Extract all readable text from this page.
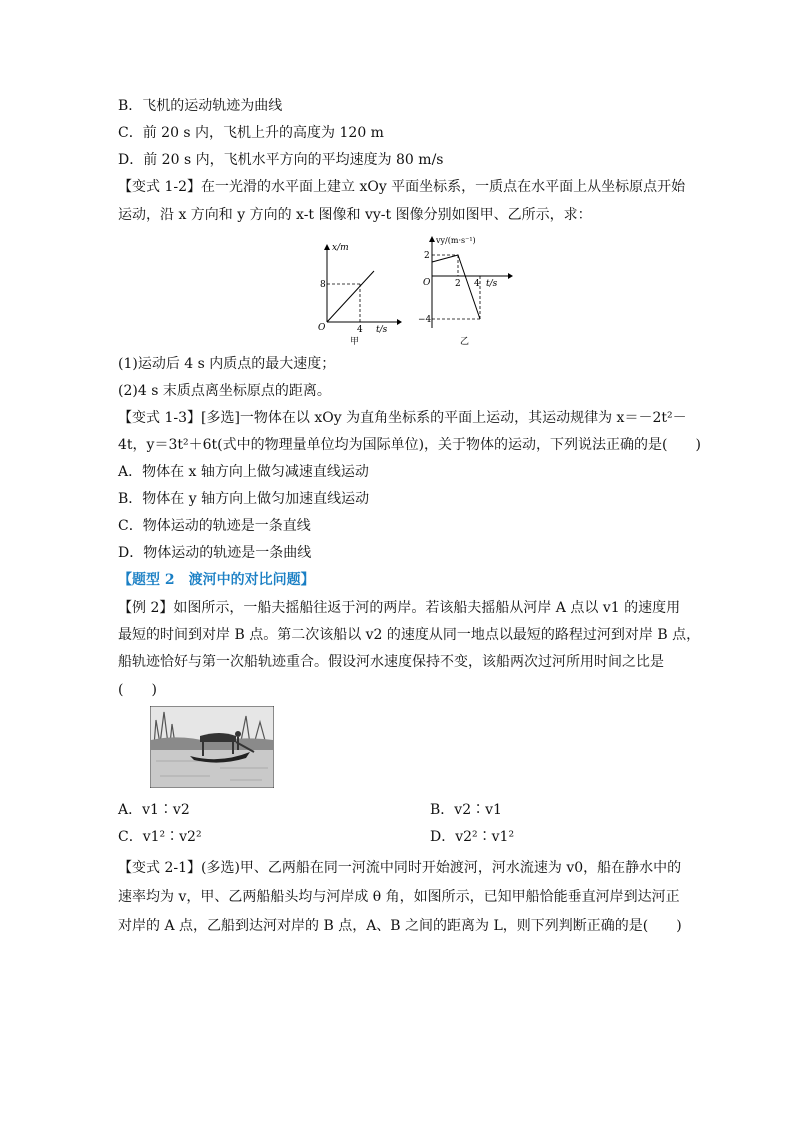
B．飞机的运动轨迹为曲线
C．前 20 s 内，飞机上升的高度为 120 m
D．前 20 s 内，飞机水平方向的平均速度为 80 m/s
【变式 1-2】在一光滑的水平面上建立 xOy 平面坐标系，一质点在水平面上从坐标原点开始
运动，沿 x 方向和 y 方向的 x-t 图像和 vy-t 图像分别如图甲、乙所示，求：
x/m
8
O	4 t/s
甲
vy/(m·s⁻¹)
2
O	2 4 t/s
−4
乙
(1)运动后 4 s 内质点的最大速度；
(2)4 s 末质点离坐标原点的距离。
【变式 1-3】[多选]一物体在以 xOy 为直角坐标系的平面上运动，其运动规律为 x＝－2t²－
4t，y＝3t²＋6t(式中的物理量单位均为国际单位)，关于物体的运动，下列说法正确的是(　　)
A．物体在 x 轴方向上做匀减速直线运动
B．物体在 y 轴方向上做匀加速直线运动
C．物体运动的轨迹是一条直线
D．物体运动的轨迹是一条曲线
【题型 2　渡河中的对比问题】
【例 2】如图所示，一船夫摇船往返于河的两岸。若该船夫摇船从河岸 A 点以 v1 的速度用
最短的时间到对岸 B 点。第二次该船以 v2 的速度从同一地点以最短的路程过河到对岸 B 点，
船轨迹恰好与第一次船轨迹重合。假设河水速度保持不变，该船两次过河所用时间之比是
(　　)
A．v1∶v2	B．v2∶v1
C．v1²∶v2²	D．v2²∶v1²
【变式 2-1】(多选)甲、乙两船在同一河流中同时开始渡河，河水流速为 v0，船在静水中的
速率均为 v，甲、乙两船船头均与河岸成 θ 角，如图所示，已知甲船恰能垂直河岸到达河正
对岸的 A 点，乙船到达河对岸的 B 点，A、B 之间的距离为 L，则下列判断正确的是(　　)
